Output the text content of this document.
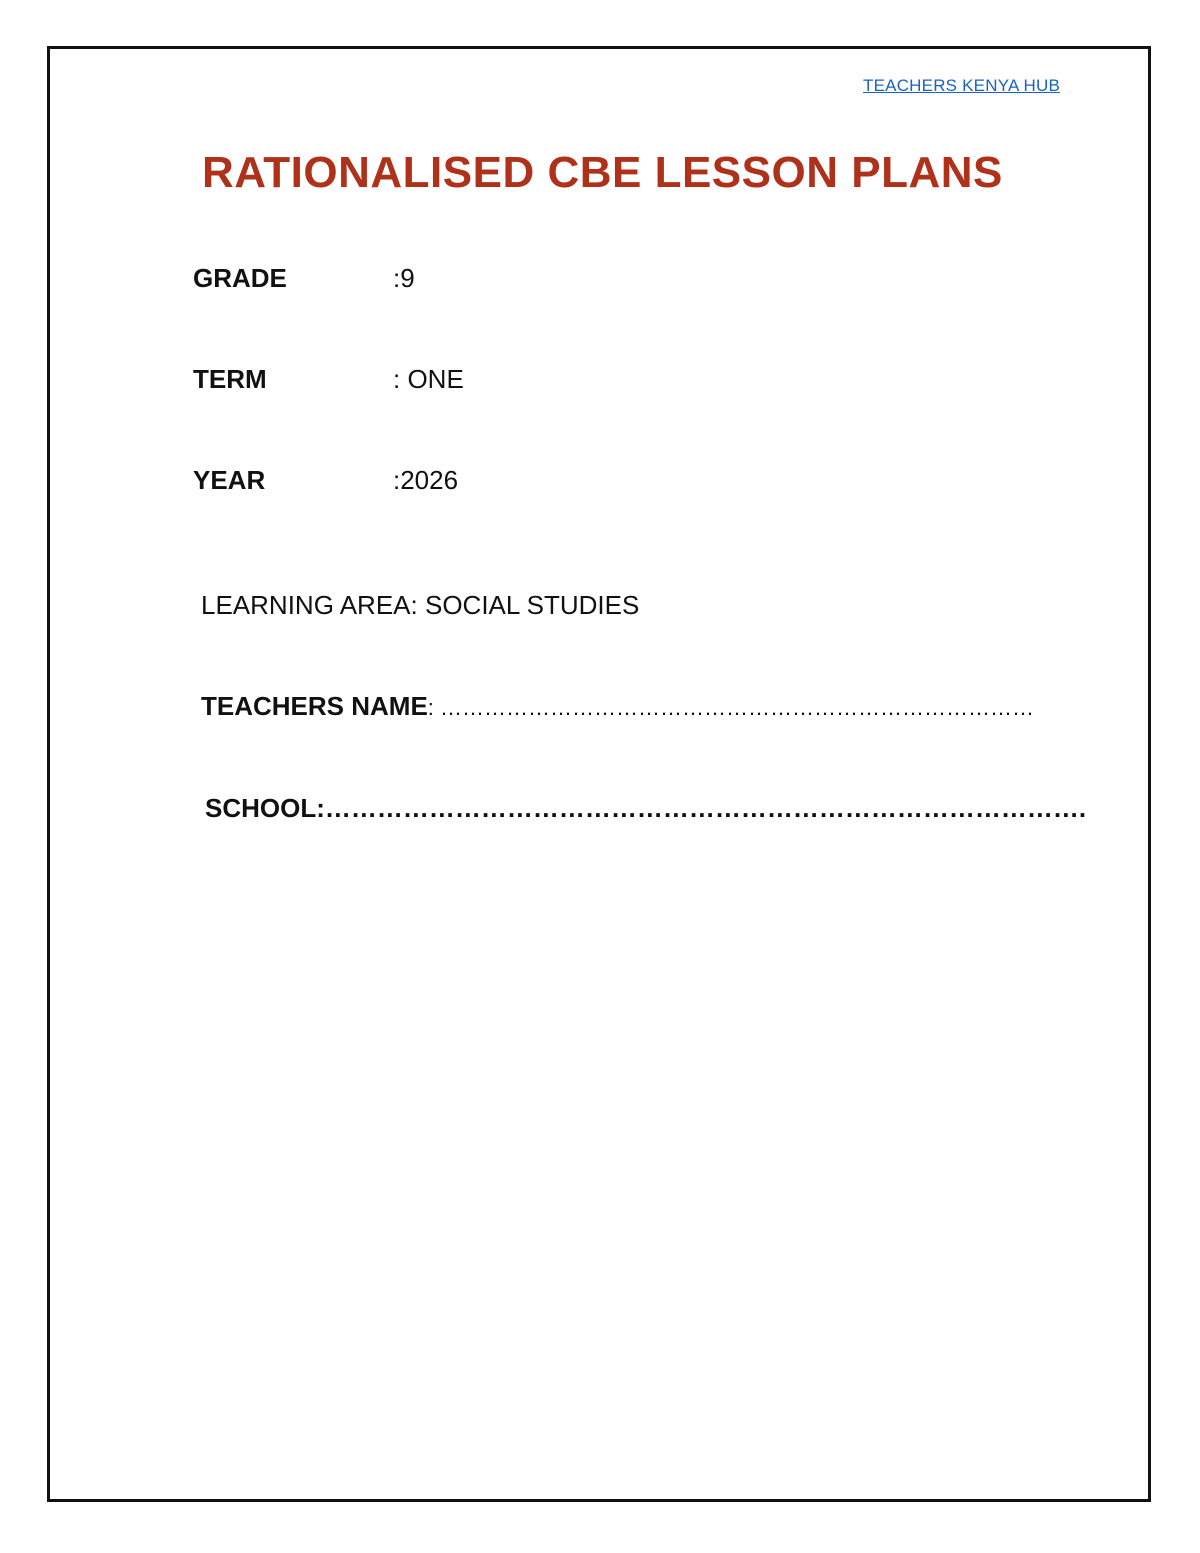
TEACHERS KENYA HUB
RATIONALISED CBE LESSON PLANS
GRADE	:9
TERM	: ONE
YEAR	:2026
LEARNING AREA: SOCIAL STUDIES
TEACHERS NAME: ………………………………………………………………………
SCHOOL:…………………………………………………………………………….
